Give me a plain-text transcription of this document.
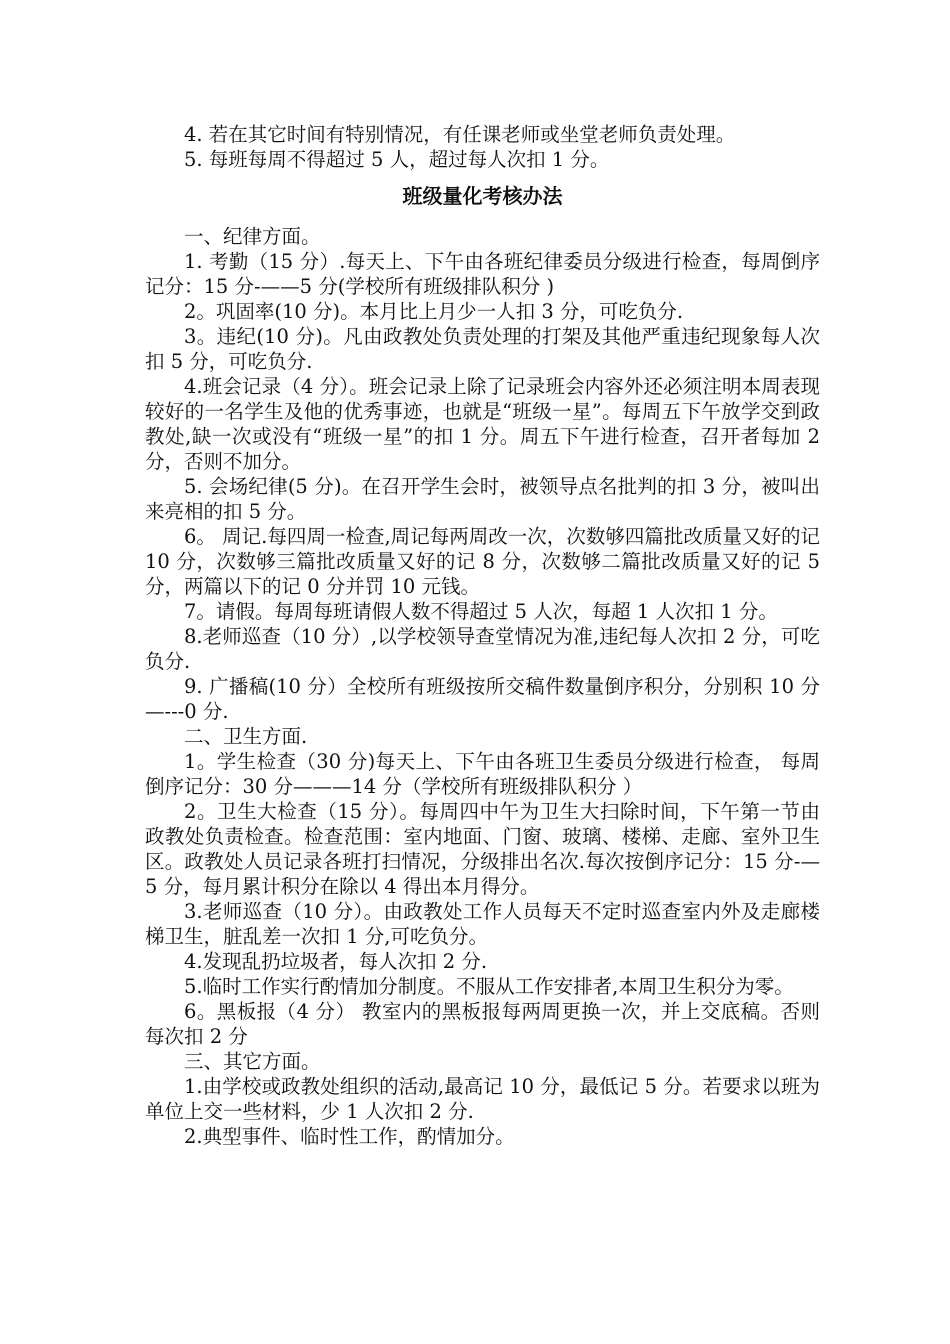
4. 若在其它时间有特别情况，有任课老师或坐堂老师负责处理。

5. 每班每周不得超过 5 人，超过每人次扣 1 分。

班级量化考核办法

一、纪律方面。

1. 考勤（15 分）.每天上、下午由各班纪律委员分级进行检查，每周倒序记分：15 分-——5 分(学校所有班级排队积分 )

2。巩固率(10 分)。本月比上月少一人扣 3 分，可吃负分.

3。违纪(10 分)。凡由政教处负责处理的打架及其他严重违纪现象每人次扣 5 分，可吃负分.

4.班会记录（4 分）。班会记录上除了记录班会内容外还必须注明本周表现较好的一名学生及他的优秀事迹，也就是“班级一星”。每周五下午放学交到政教处,缺一次或没有“班级一星”的扣 1 分。周五下午进行检查，召开者每加 2 分，否则不加分。

5. 会场纪律(5 分)。在召开学生会时，被领导点名批判的扣 3 分，被叫出来亮相的扣 5 分。

6。 周记.每四周一检查,周记每两周改一次，次数够四篇批改质量又好的记 10 分，次数够三篇批改质量又好的记 8 分，次数够二篇批改质量又好的记 5 分，两篇以下的记 0 分并罚 10 元钱。

7。请假。每周每班请假人数不得超过 5 人次，每超 1 人次扣 1 分。

8.老师巡查（10 分）,以学校领导查堂情况为准,违纪每人次扣 2 分，可吃负分.

9. 广播稿(10 分）全校所有班级按所交稿件数量倒序积分，分别积 10 分—---0 分.

二、卫生方面.

1。学生检查（30 分)每天上、下午由各班卫生委员分级进行检查， 每周倒序记分：30 分———14 分（学校所有班级排队积分 ）

2。卫生大检查（15 分）。每周四中午为卫生大扫除时间，下午第一节由政教处负责检查。检查范围：室内地面、门窗、玻璃、楼梯、走廊、室外卫生区。政教处人员记录各班打扫情况，分级排出名次.每次按倒序记分：15 分-—5 分，每月累计积分在除以 4 得出本月得分。

3.老师巡查（10 分）。由政教处工作人员每天不定时巡查室内外及走廊楼梯卫生，脏乱差一次扣 1 分,可吃负分。

4.发现乱扔垃圾者，每人次扣 2 分.

5.临时工作实行酌情加分制度。不服从工作安排者,本周卫生积分为零。

6。黑板报（4 分） 教室内的黑板报每两周更换一次，并上交底稿。否则每次扣 2 分

三、其它方面。

1.由学校或政教处组织的活动,最高记 10 分，最低记 5 分。若要求以班为单位上交一些材料，少 1 人次扣 2 分.

2.典型事件、临时性工作，酌情加分。
